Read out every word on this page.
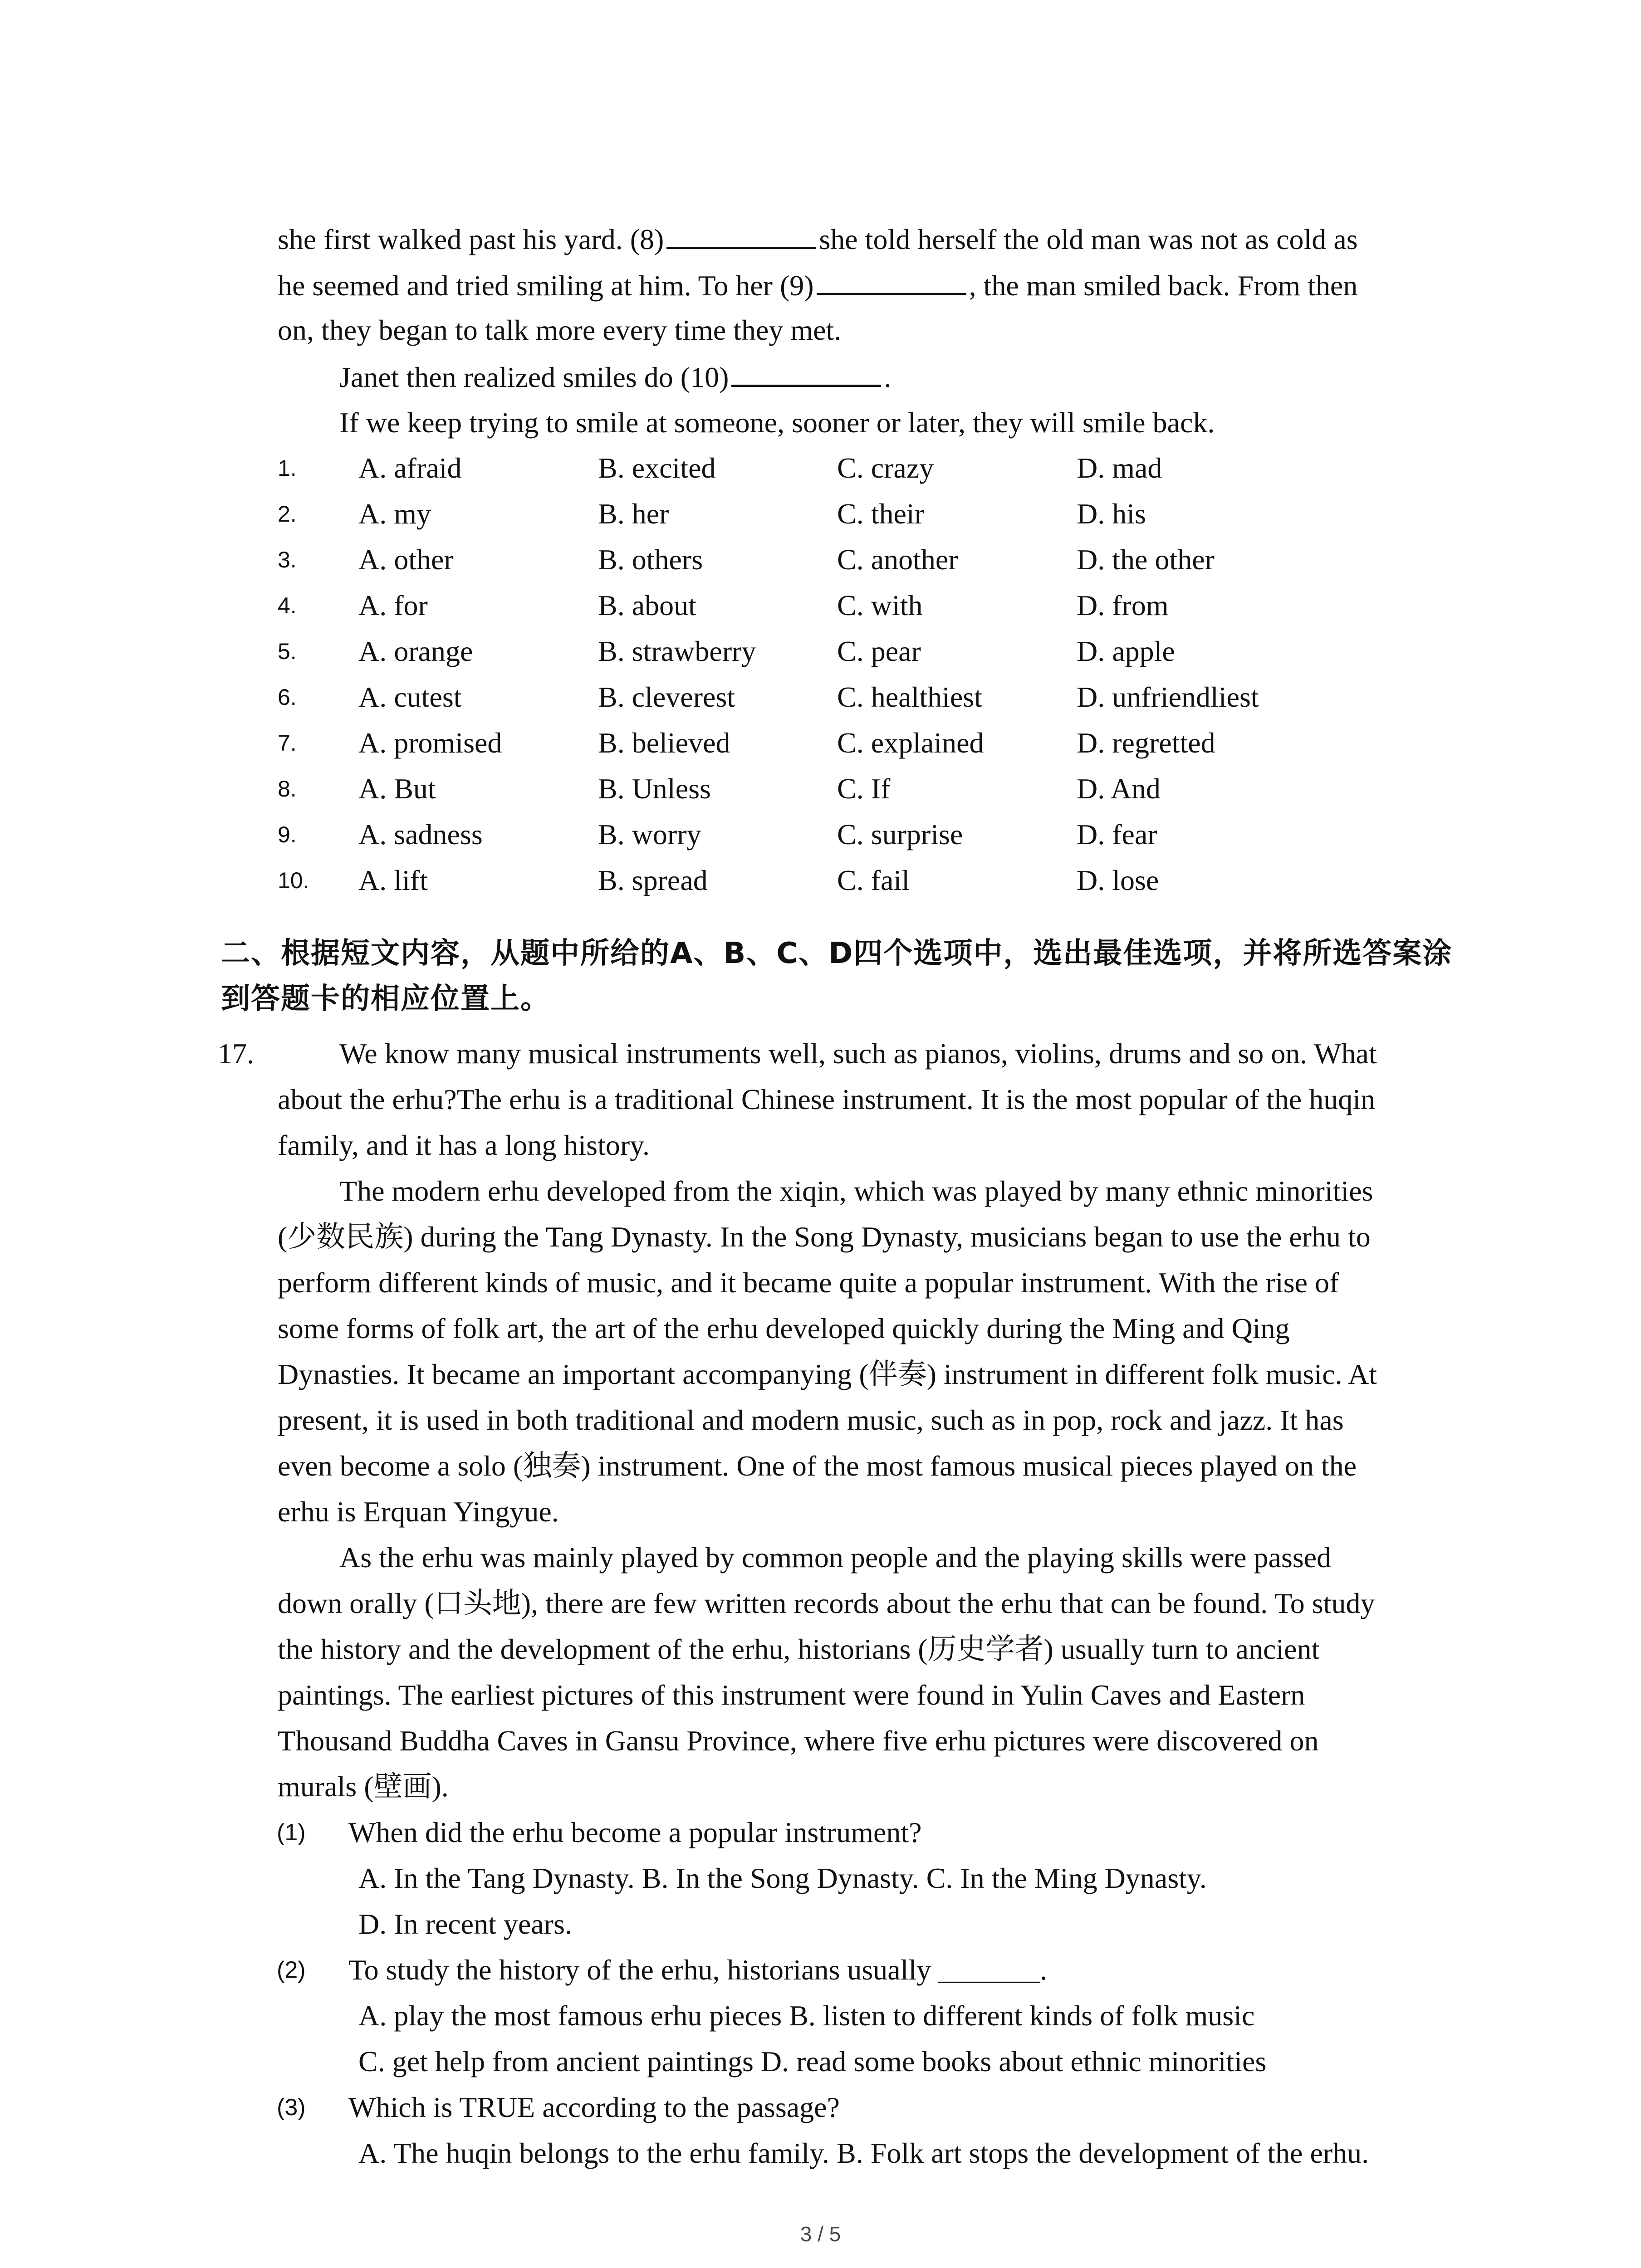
she first walked past his yard. (8)	she told herself the old man was not as cold as
he seemed and tried smiling at him. To her (9)	, the man smiled back. From then
on, they began to talk more every time they met.
Janet then realized smiles do (10)	.
If we keep trying to smile at someone, sooner or later, they will smile back.
1. A. afraid	B. excited	C. crazy	D. mad
2. A. my	B. her	C. their	D. his
3. A. other	B. others	C. another	D. the other
4. A. for	B. about	C. with	D. from
5. A. orange	B. strawberry	C. pear	D. apple
6. A. cutest	B. cleverest	C. healthiest	D. unfriendliest
7. A. promised	B. believed	C. explained	D. regretted
8. A. But	B. Unless	C. If	D. And
9. A. sadness	B. worry	C. surprise	D. fear
10. A. lift	B. spread	C. fail	D. lose
二、根据短文内容，从题中所给的A、B、C、D四个选项中，选出最佳选项，并将所选答案涂
到答题卡的相应位置上。
17.	We know many musical instruments well, such as pianos, violins, drums and so on. What
about the erhu?The erhu is a traditional Chinese instrument. It is the most popular of the huqin
family, and it has a long history.
The modern erhu developed from the xiqin, which was played by many ethnic minorities
(少数民族) during the Tang Dynasty. In the Song Dynasty, musicians began to use the erhu to
perform different kinds of music, and it became quite a popular instrument. With the rise of
some forms of folk art, the art of the erhu developed quickly during the Ming and Qing
Dynasties. It became an important accompanying (伴奏) instrument in different folk music. At
present, it is used in both traditional and modern music, such as in pop, rock and jazz. It has
even become a solo (独奏) instrument. One of the most famous musical pieces played on the
erhu is Erquan Yingyue.
As the erhu was mainly played by common people and the playing skills were passed
down orally (口头地), there are few written records about the erhu that can be found. To study
the history and the development of the erhu, historians (历史学者) usually turn to ancient
paintings. The earliest pictures of this instrument were found in Yulin Caves and Eastern
Thousand Buddha Caves in Gansu Province, where five erhu pictures were discovered on
murals (壁画).
(1) When did the erhu become a popular instrument?
A. In the Tang Dynasty. B. In the Song Dynasty. C. In the Ming Dynasty.
D. In recent years.
(2) To study the history of the erhu, historians usually _______.
A. play the most famous erhu pieces B. listen to different kinds of folk music
C. get help from ancient paintings D. read some books about ethnic minorities
(3) Which is TRUE according to the passage?
A. The huqin belongs to the erhu family. B. Folk art stops the development of the erhu.
3 / 5
